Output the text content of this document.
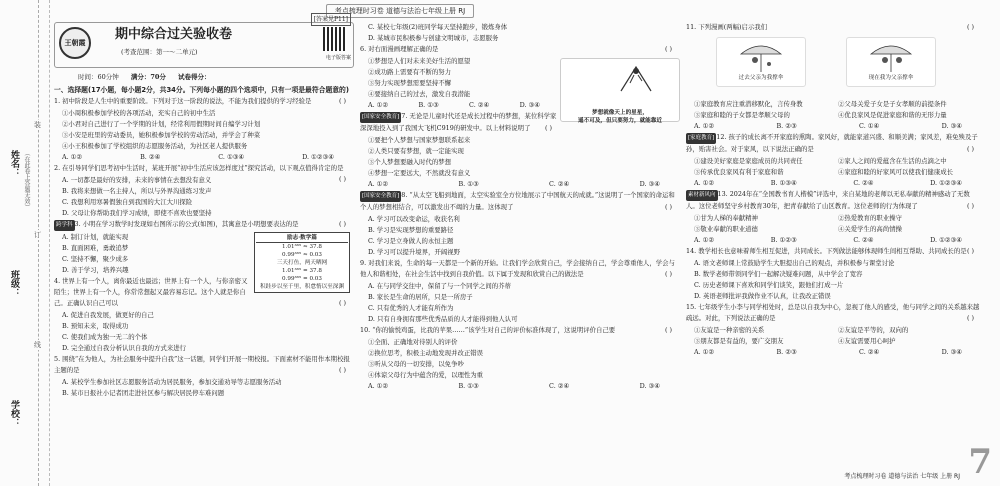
姓名： （在此卷上答题无效）
班级：
学校：
装
订
线
考点梳理时习卷 道德与法治七年级上册 RJ
[答案见P11]
王朝霞
期中综合过关验收卷
(考查范围：第一～二单元)
电子版答案
时间：60分钟 满分：70分 试卷得分：
一、选择题(17小题，每小题2分，共34分。下列每小题的四个选项中，只有一项是最符合题意的)
1. 初中阶段是人生中的重要阶段。下列对于这一阶段的说法，不能为我们提供的学习经验是	( )
①小周积极参加学校的各项活动，充实自己的初中生活
②小君对自己进行了一个学期的计划，经常利用假期时间自编学习计划
③小安是班里的劳动委员，她积极参加学校的劳动活动，并学会了种菜
④小王积极参加了学校组织的志愿服务活动，为社区老人提供服务
A. ①②	B. ②④	C. ①③④	D. ①②③④
2. 在引导同学们思考初中生活时，某班开展“初中生活应该怎样度过”探究活动，以下观点值得肯定的是
( )
A. 一切都是最好的安排，未来的事情在去想没有意义
B. 我将来想做一名主持人，所以与外界沟通练习发声
C. 我想利用寒暑假独自到我国的大江大川探险
D. 父母让你帮助我们学习成绩，即使不喜欢也要坚持
跨学科 3. 小明在学习数学时发现如右图所示的公式(如图)，其寓意是小明想要表达的是	( )
励志·数学篇
1.01³⁶⁵ ≈ 37.8
0.99³⁶⁵ ≈ 0.03
三天打鱼，两天晒网
1.01³⁶⁵ = 37.8
0.99³⁶⁵ = 0.03
积跬步以至千里，积怠惰以至深渊
A. 制订计划，就能实现
B. 直面困难，勇敢追梦
C. 坚持不懈，聚少成多
D. 善于学习，培养兴趣
4. 世界上有一个人，离你最近也最远；世界上有一个人，与你亲密又陌生；世界上有一个人，你常常想起又最容易忘记。这个人就是你自己。正确认识自己可以	( )
A. 促进自我发展，做更好的自己
B. 预知未来，取得成功
C. 使我们成为独一无二的个体
D. 完全通过自我分析认识自我的方式来进行
5. 围绕“在为他人，为社会服务中提升自我”这一话题，同学们开展一期校报。下面素材不能用作本期校报主题的是	( )
A. 某校学生参加社区志愿服务活动为居民服务，参加交通劝导等志愿服务活动
B. 某市日报社小记者团走进社区参与解决居民停车难问题
C. 某校七年级(2)班同学每天坚持跑步，锻炼身体
D. 某城市民积极参与创建文明城市，志愿服务
6. 对右面漫画理解正确的是	( )
梦想就像天上的星星，
遥不可及，但只要努力，就能靠近
①梦想是人们对未来美好生活的愿望
②成功路上需要有不断的努力
③努力实现梦想需要坚持不懈
④要接纳自己的过去，激发自我潜能
A. ①②	B. ①③	C. ②④	D. ③④
[国家安全教育] 7. 无论是儿童时代还是成长过程中的梦想，某位科学家深深地投入到了我国大飞机C919的研发中。以上材料说明了 ( )
①要把个人梦想与国家梦想联系起来
②人类只要有梦想，就一定能实现
③个人梦想要融入时代的梦想
④梦想一定要远大，不然就没有意义
A. ①②	B. ①③	C. ②④	D. ③④
[国家安全教育] 8. “从太空飞船到地面，太空实验室全方位地展示了中国航天的成就。”这说明了一个国家的命运和个人的梦想相结合，可以激发出不竭的力量。这体现了	( )
A. 学习可以改变命运，收获名利
B. 学习是实现梦想的重要路径
C. 学习是立身做人的永恒主题
D. 学习可以提升境界，开阔视野
9. 对我们来说，生命的每一天都是一个新的开始。让我们学会欣赏自己，学会接纳自己，学会尊重他人，学会与他人和谐相处，在社会生活中找到自我价值。以下属于发现和欣赏自己的做法是	( )
A. 在与同学交往中，保留了与一个同学之间的芥蒂
B. 家长是生命的居所，只是一所房子
C. 只有优秀的人才能有所作为
D. 只有自身拥有那些优秀品质的人才能得到他人认可
10. “你的愉悦鸡蛋，比我的苹果……”该学生对自己的评价标准体现了，这说明评价自己要	( )
①全面、正确地对待别人的评价
②换位思考，积极主动地发现并改正错误
③听从父母的一切安排，以免争吵
④体谅父母行为中蕴含的爱，以理性为重
A. ①②	B. ①③	C. ②④	D. ③④
11. 下列漫画(两幅)启示我们	( )
过去父亲为我撑伞	现在我为父亲撑伞
①家庭教育应注重潜移默化，言传身教	②父母关爱子女是子女孝顺的前提条件
③家庭和睦的子女都是孝顺父母的	④优良家风是促进家庭和谐的无形力量
A. ①②	B. ②③	C. ①④	D. ③④
[家庭教育] 12. 孩子的成长离不开家庭的熏陶。家风好，就能家道兴盛、和顺美满；家风差，难免殃及子孙，贻害社会。对于家风，以下说法正确的是	( )
①建设美好家庭是家庭成员的共同责任	②家人之间的爱蕴含在生活的点滴之中
③传承优良家风有利于家庭和谐	④家庭和睦的好家风可以使我们健康成长
A. ①②	B. ①③④	C. ②④	D. ①②③④
素材新风向 13. 2024年在“全国教书育人楷模”评选中，来自某地的老师以无私奉献的精神感动了无数人。这位老师坚守乡村教育30年，把青春献给了山区教育。这位老师的行为体现了	( )
①甘为人梯的奉献精神	②热爱教育的职业操守
③敬业奉献的职业道德	④关爱学生的高尚情操
A. ①②	B. ①②③	C. ②④	D. ①②③④
14. 教学相长也意味着师生相互促进，共同成长。下列做法能够体现师生间相互帮助、共同成长的是 ( )
A. 语文老师课上常鼓励学生大胆提出自己的观点，并积极参与课堂讨论
B. 数学老师带领同学们一起解决疑难问题，从中学会了宽容
C. 历史老师课下喜欢和同学们谈笑，跟他们打成一片
D. 英语老师批评我做作业不认真，让我改正错误
15. 七年级学生小李与同学相处时，总是以自我为中心，忽视了他人的感受，他与同学之间的关系越来越疏远。对此，下列说法正确的是	( )
①友谊是一种亲密的关系	②友谊是平等的，双向的
③朋友都是有益的，要广交朋友	④友谊需要用心呵护
A. ①②	B. ②③	C. ②④	D. ③④
考点梳理时习卷 道德与法治 七年级 上册 RJ 7
